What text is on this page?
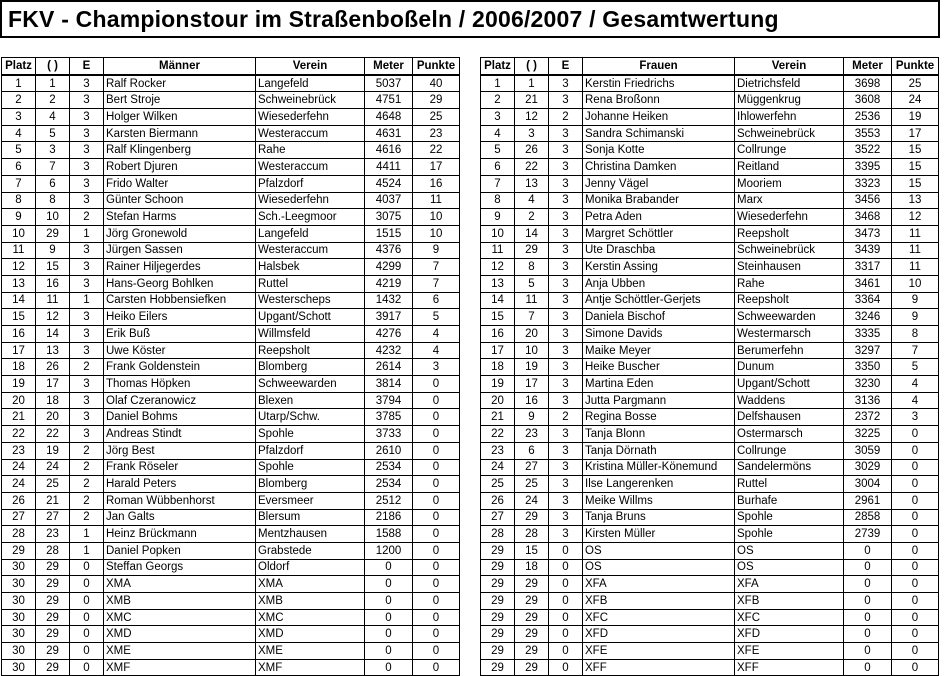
FKV - Championstour im Straßenboßeln / 2006/2007 / Gesamtwertung
Platz	( )	E	Männer	Verein	Meter	Punkte
1	1	3	Ralf Rocker	Langefeld	5037	40
2	2	3	Bert Stroje	Schweinebrück	4751	29
3	4	3	Holger Wilken	Wiesederfehn	4648	25
4	5	3	Karsten Biermann	Westeraccum	4631	23
5	3	3	Ralf Klingenberg	Rahe	4616	22
6	7	3	Robert Djuren	Westeraccum	4411	17
7	6	3	Frido Walter	Pfalzdorf	4524	16
8	8	3	Günter Schoon	Wiesederfehn	4037	11
9	10	2	Stefan Harms	Sch.-Leegmoor	3075	10
10	29	1	Jörg Gronewold	Langefeld	1515	10
11	9	3	Jürgen Sassen	Westeraccum	4376	9
12	15	3	Rainer Hiljegerdes	Halsbek	4299	7
13	16	3	Hans-Georg Bohlken	Ruttel	4219	7
14	11	1	Carsten Hobbensiefken	Westerscheps	1432	6
15	12	3	Heiko Eilers	Upgant/Schott	3917	5
16	14	3	Erik Buß	Willmsfeld	4276	4
17	13	3	Uwe Köster	Reepsholt	4232	4
18	26	2	Frank Goldenstein	Blomberg	2614	3
19	17	3	Thomas Höpken	Schweewarden	3814	0
20	18	3	Olaf Czeranowicz	Blexen	3794	0
21	20	3	Daniel Bohms	Utarp/Schw.	3785	0
22	22	3	Andreas Stindt	Spohle	3733	0
23	19	2	Jörg Best	Pfalzdorf	2610	0
24	24	2	Frank Röseler	Spohle	2534	0
24	25	2	Harald Peters	Blomberg	2534	0
26	21	2	Roman Wübbenhorst	Eversmeer	2512	0
27	27	2	Jan Galts	Blersum	2186	0
28	23	1	Heinz Brückmann	Mentzhausen	1588	0
29	28	1	Daniel Popken	Grabstede	1200	0
30	29	0	Steffan Georgs	Oldorf	0	0
30	29	0	XMA	XMA	0	0
30	29	0	XMB	XMB	0	0
30	29	0	XMC	XMC	0	0
30	29	0	XMD	XMD	0	0
30	29	0	XME	XME	0	0
30	29	0	XMF	XMF	0	0
Platz	( )	E	Frauen	Verein	Meter	Punkte
1	1	3	Kerstin Friedrichs	Dietrichsfeld	3698	25
2	21	3	Rena Broßonn	Müggenkrug	3608	24
3	12	2	Johanne Heiken	Ihlowerfehn	2536	19
4	3	3	Sandra Schimanski	Schweinebrück	3553	17
5	26	3	Sonja Kotte	Collrunge	3522	15
6	22	3	Christina Damken	Reitland	3395	15
7	13	3	Jenny Vägel	Mooriem	3323	15
8	4	3	Monika Brabander	Marx	3456	13
9	2	3	Petra Aden	Wiesederfehn	3468	12
10	14	3	Margret Schöttler	Reepsholt	3473	11
11	29	3	Ute Draschba	Schweinebrück	3439	11
12	8	3	Kerstin Assing	Steinhausen	3317	11
13	5	3	Anja Ubben	Rahe	3461	10
14	11	3	Antje Schöttler-Gerjets	Reepsholt	3364	9
15	7	3	Daniela Bischof	Schweewarden	3246	9
16	20	3	Simone Davids	Westermarsch	3335	8
17	10	3	Maike Meyer	Berumerfehn	3297	7
18	19	3	Heike Buscher	Dunum	3350	5
19	17	3	Martina Eden	Upgant/Schott	3230	4
20	16	3	Jutta Pargmann	Waddens	3136	4
21	9	2	Regina Bosse	Delfshausen	2372	3
22	23	3	Tanja Blonn	Ostermarsch	3225	0
23	6	3	Tanja Dörnath	Collrunge	3059	0
24	27	3	Kristina Müller-Könemund	Sandelermöns	3029	0
25	25	3	Ilse Langerenken	Ruttel	3004	0
26	24	3	Meike Willms	Burhafe	2961	0
27	29	3	Tanja Bruns	Spohle	2858	0
28	28	3	Kirsten Müller	Spohle	2739	0
29	15	0	OS	OS	0	0
29	18	0	OS	OS	0	0
29	29	0	XFA	XFA	0	0
29	29	0	XFB	XFB	0	0
29	29	0	XFC	XFC	0	0
29	29	0	XFD	XFD	0	0
29	29	0	XFE	XFE	0	0
29	29	0	XFF	XFF	0	0
